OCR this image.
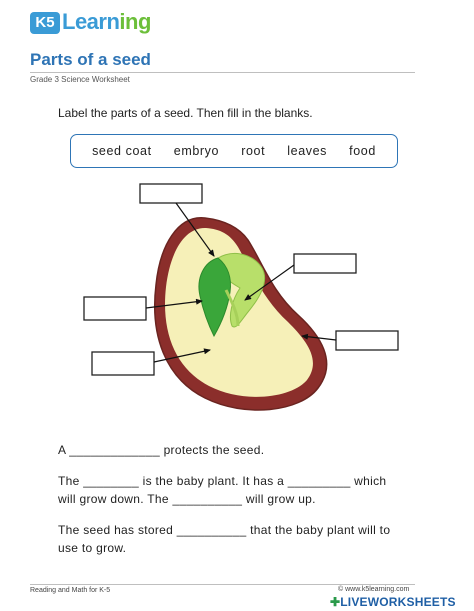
K5 Learning
Parts of a seed
Grade 3 Science Worksheet
Label the parts of a seed. Then fill in the blanks.
seed coat embryo root leaves food
A _____________ protects the seed.
The ________ is the baby plant. It has a _________ which
will grow down. The __________ will grow up.
The seed has stored __________ that the baby plant will to
use to grow.
Reading and Math for K-5	© www.k5learning.com
✚LIVEWORKSHEETS
